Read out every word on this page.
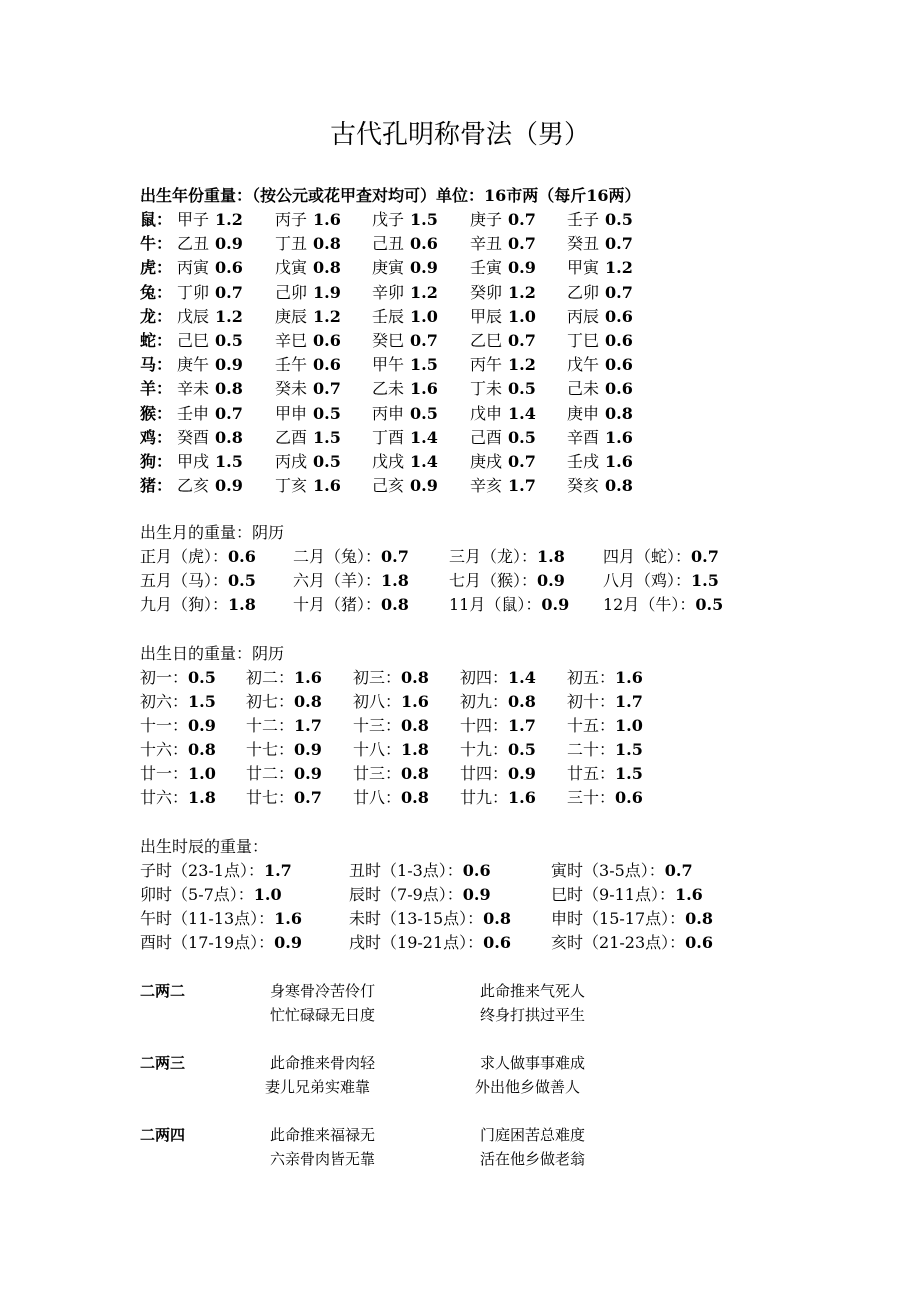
古代孔明称骨法（男）
出生年份重量：（按公元或花甲查对均可）单位：16市两（每斤16两）
鼠： 甲子 1.2 丙子 1.6 戊子 1.5 庚子 0.7 壬子 0.5
牛： 乙丑 0.9 丁丑 0.8 己丑 0.6 辛丑 0.7 癸丑 0.7
虎： 丙寅 0.6 戊寅 0.8 庚寅 0.9 壬寅 0.9 甲寅 1.2
兔： 丁卯 0.7 己卯 1.9 辛卯 1.2 癸卯 1.2 乙卯 0.7
龙： 戊辰 1.2 庚辰 1.2 壬辰 1.0 甲辰 1.0 丙辰 0.6
蛇： 己巳 0.5 辛巳 0.6 癸巳 0.7 乙巳 0.7 丁巳 0.6
马： 庚午 0.9 壬午 0.6 甲午 1.5 丙午 1.2 戊午 0.6
羊： 辛未 0.8 癸未 0.7 乙未 1.6 丁未 0.5 己未 0.6
猴： 壬申 0.7 甲申 0.5 丙申 0.5 戊申 1.4 庚申 0.8
鸡： 癸酉 0.8 乙酉 1.5 丁酉 1.4 己酉 0.5 辛酉 1.6
狗： 甲戌 1.5 丙戌 0.5 戊戌 1.4 庚戌 0.7 壬戌 1.6
猪： 乙亥 0.9 丁亥 1.6 己亥 0.9 辛亥 1.7 癸亥 0.8
出生月的重量：阴历
正月（虎）：0.6 二月（兔）：0.7	三月（龙）：1.8 四月（蛇）：0.7
五月（马）：0.5 六月（羊）：1.8	七月（猴）：0.9 八月（鸡）：1.5
九月（狗）：1.8 十月（猪）：0.8	11月（鼠）：0.9 12月（牛）：0.5
出生日的重量：阴历
初一：0.5 初二：1.6 初三：0.8 初四：1.4 初五：1.6
初六：1.5 初七：0.8 初八：1.6 初九：0.8 初十：1.7
十一：0.9 十二：1.7 十三：0.8 十四：1.7 十五：1.0
十六：0.8 十七：0.9 十八：1.8 十九：0.5 二十：1.5
廿一：1.0 廿二：0.9 廿三：0.8 廿四：0.9 廿五：1.5
廿六：1.8 廿七：0.7 廿八：0.8 廿九：1.6 三十：0.6
出生时辰的重量：
子时（23-1点）：1.7	丑时（1-3点）：0.6	寅时（3-5点）：0.7
卯时（5-7点）：1.0	辰时（7-9点）：0.9	巳时（9-11点）：1.6
午时（11-13点）：1.6	未时（13-15点）：0.8	申时（15-17点）：0.8
酉时（17-19点）：0.9	戌时（19-21点）：0.6	亥时（21-23点）：0.6
二两二	身寒骨冷苦伶仃	此命推来气死人
忙忙碌碌无日度	终身打拱过平生
二两三	此命推来骨肉轻	求人做事事难成
妻儿兄弟实难靠	外出他乡做善人
二两四	此命推来福禄无	门庭困苦总难度
六亲骨肉皆无靠	活在他乡做老翁
